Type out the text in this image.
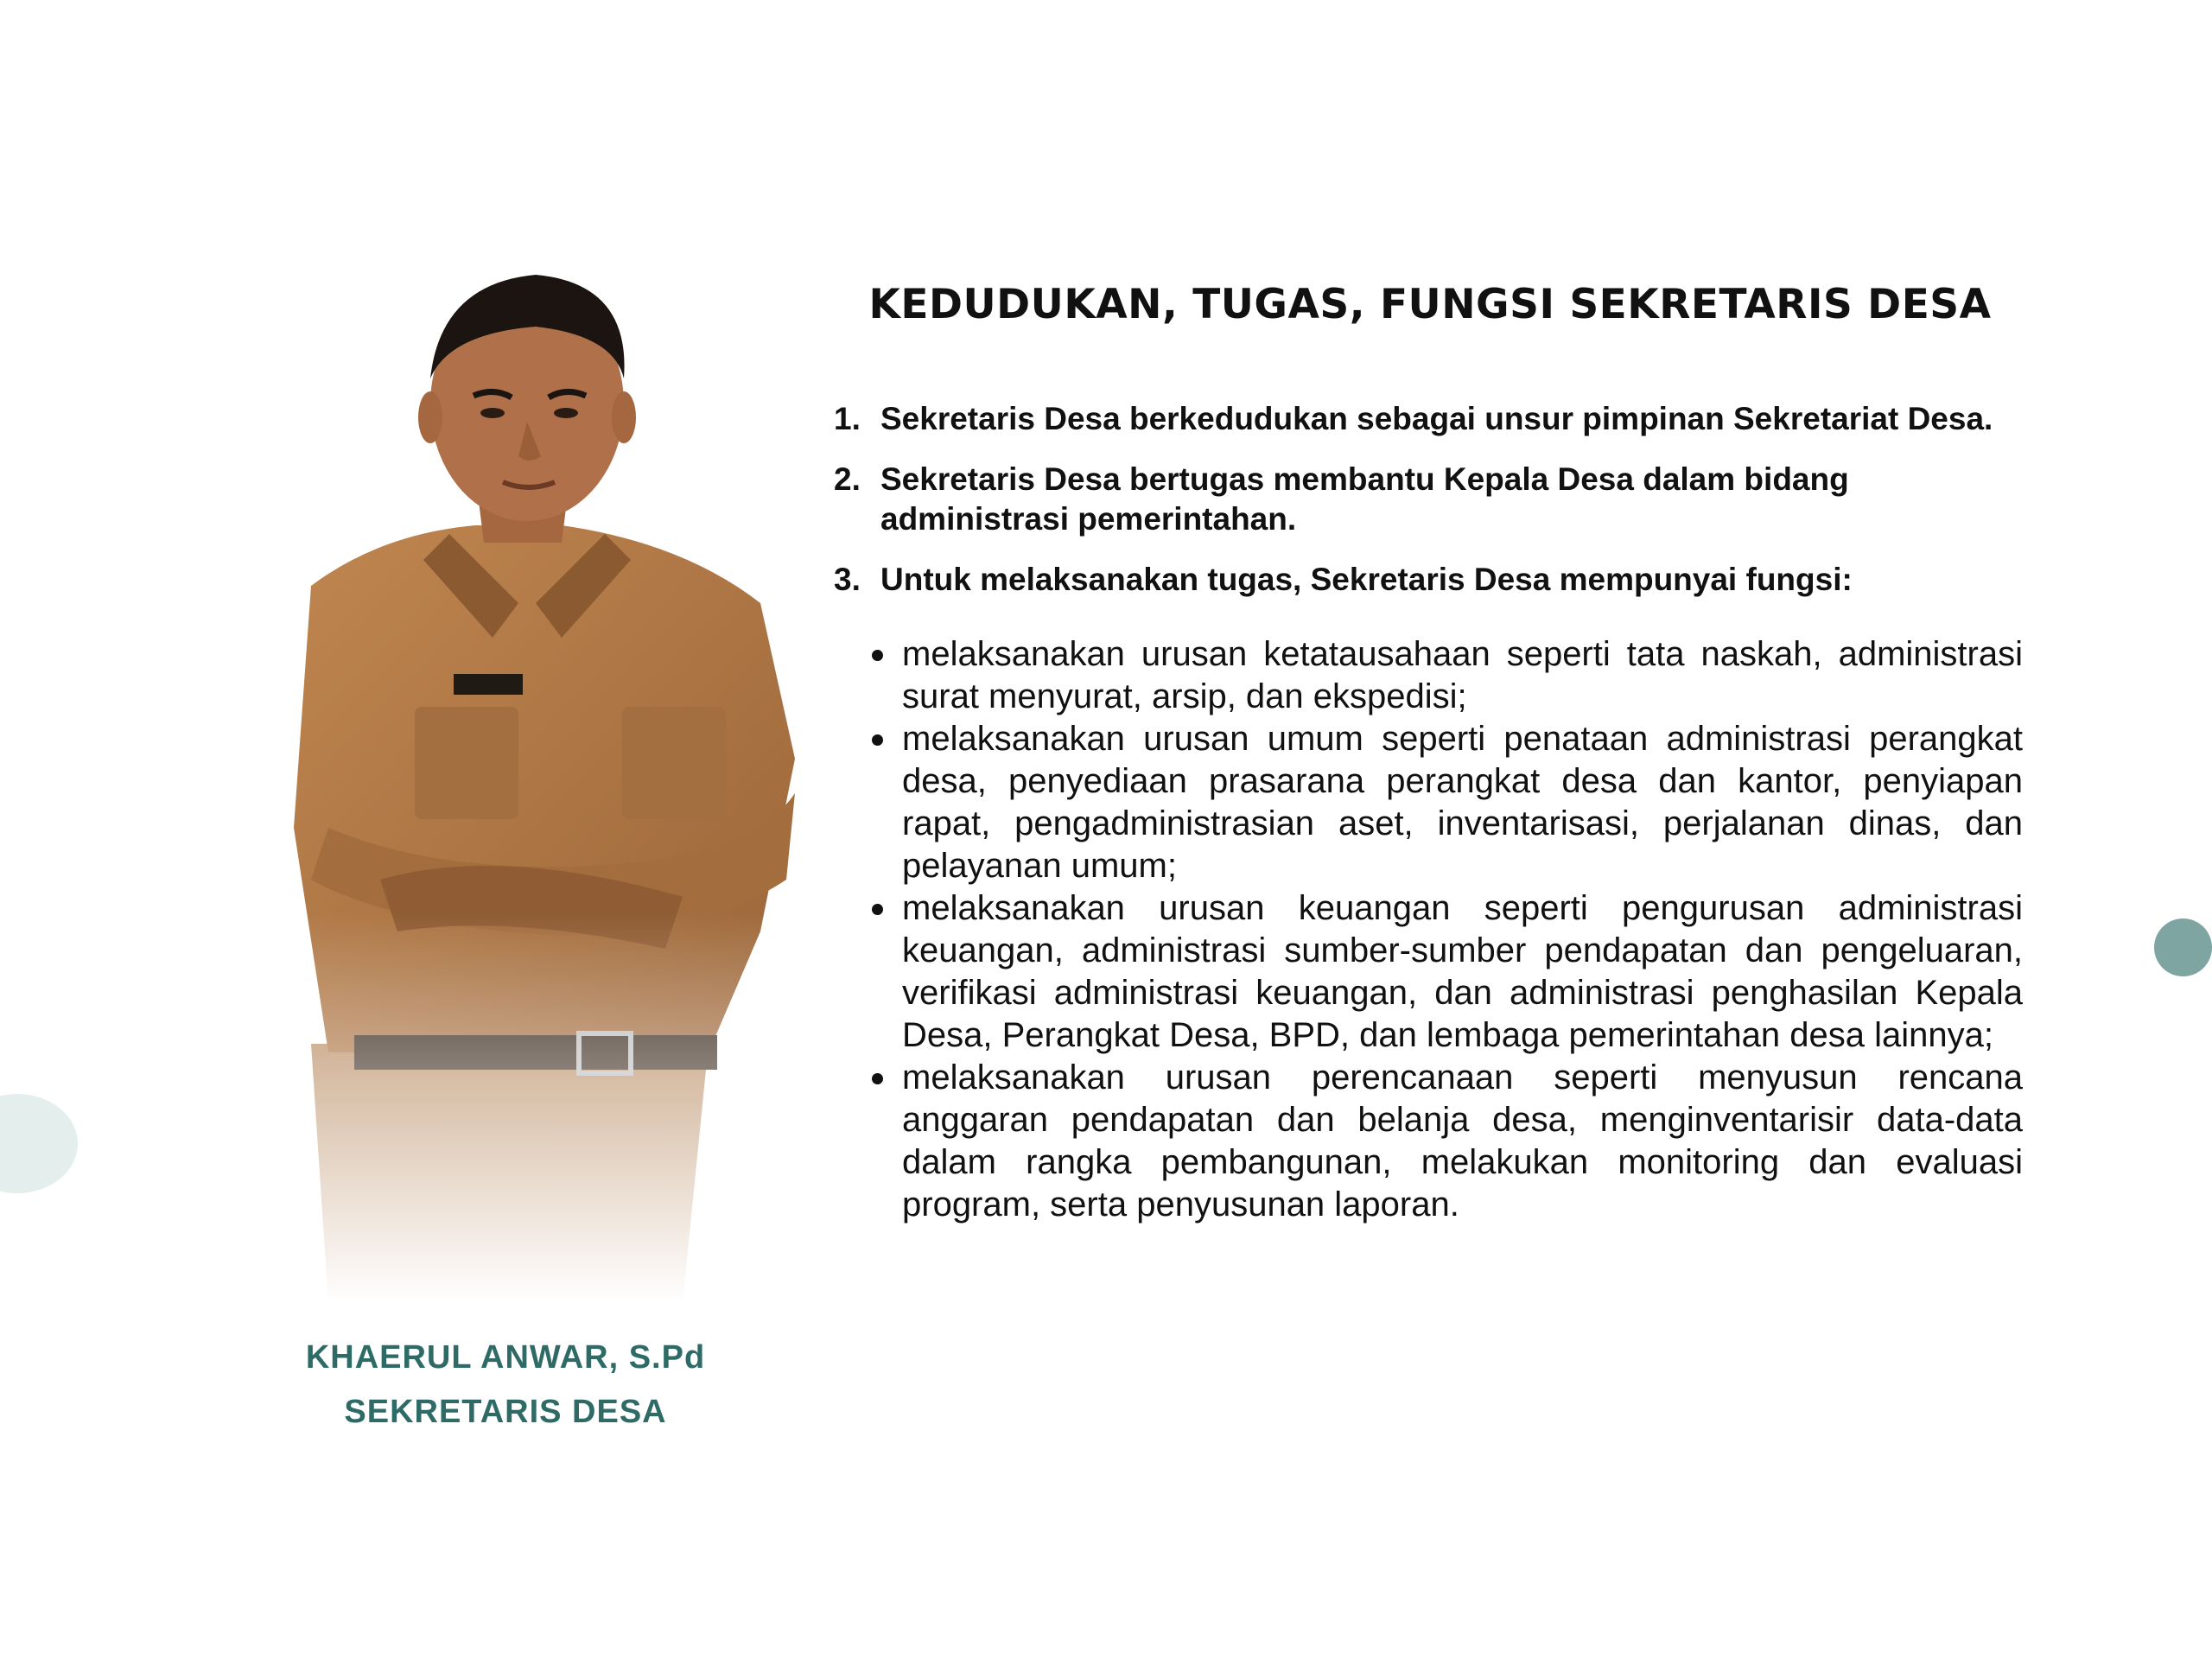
KHAERUL ANWAR, S.Pd
SEKRETARIS DESA
KEDUDUKAN, TUGAS, FUNGSI SEKRETARIS DESA
1. Sekretaris Desa berkedudukan sebagai unsur pimpinan Sekretariat Desa.
2. Sekretaris Desa bertugas membantu Kepala Desa dalam bidang administrasi pemerintahan.
3. Untuk melaksanakan tugas, Sekretaris Desa mempunyai fungsi:
melaksanakan urusan ketatausahaan seperti tata naskah, administrasi surat menyurat, arsip, dan ekspedisi;
melaksanakan urusan umum seperti penataan administrasi perangkat desa, penyediaan prasarana perangkat desa dan kantor, penyiapan rapat, pengadministrasian aset, inventarisasi, perjalanan dinas, dan pelayanan umum;
melaksanakan urusan keuangan seperti pengurusan administrasi keuangan, administrasi sumber-sumber pendapatan dan pengeluaran, verifikasi administrasi keuangan, dan administrasi penghasilan Kepala Desa, Perangkat Desa, BPD, dan lembaga pemerintahan desa lainnya;
melaksanakan urusan perencanaan seperti menyusun rencana anggaran pendapatan dan belanja desa, menginventarisir data-data dalam rangka pembangunan, melakukan monitoring dan evaluasi program, serta penyusunan laporan.
